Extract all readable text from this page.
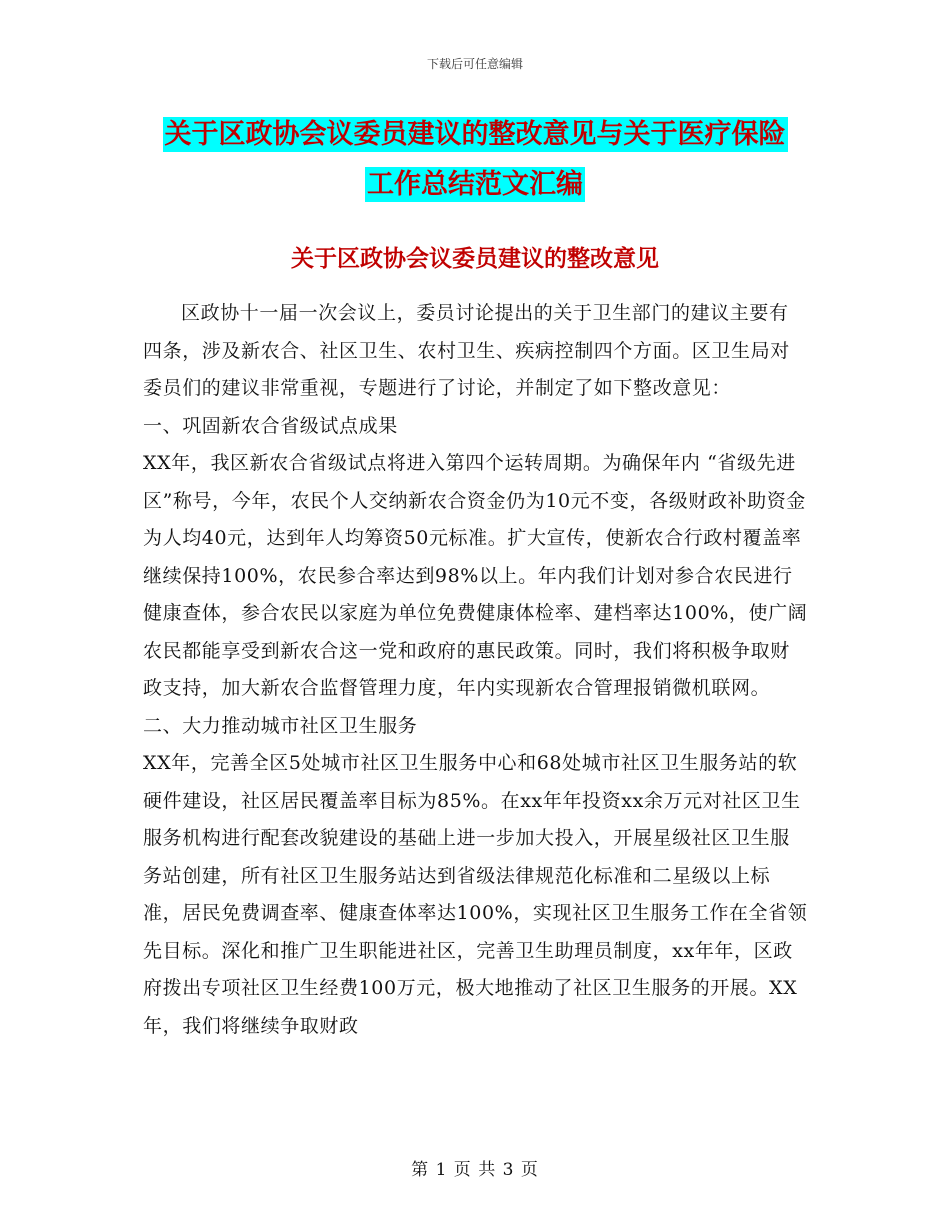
下载后可任意编辑
关于区政协会议委员建议的整改意见与关于医疗保险
工作总结范文汇编
关于区政协会议委员建议的整改意见

区政协十一届一次会议上，委员讨论提出的关于卫生部门的建议主要有四条，涉及新农合、社区卫生、农村卫生、疾病控制四个方面。区卫生局对委员们的建议非常重视，专题进行了讨论，并制定了如下整改意见：

一、巩固新农合省级试点成果

XX年，我区新农合省级试点将进入第四个运转周期。为确保年内 “省级先进区”称号，今年，农民个人交纳新农合资金仍为10元不变，各级财政补助资金为人均40元，达到年人均筹资50元标准。扩大宣传，使新农合行政村覆盖率继续保持100%，农民参合率达到98%以上。年内我们计划对参合农民进行健康查体，参合农民以家庭为单位免费健康体检率、建档率达100%，使广阔农民都能享受到新农合这一党和政府的惠民政策。同时，我们将积极争取财政支持，加大新农合监督管理力度，年内实现新农合管理报销微机联网。

二、大力推动城市社区卫生服务

XX年，完善全区5处城市社区卫生服务中心和68处城市社区卫生服务站的软硬件建设，社区居民覆盖率目标为85%。在xx年年投资xx余万元对社区卫生服务机构进行配套改貌建设的基础上进一步加大投入，开展星级社区卫生服务站创建，所有社区卫生服务站达到省级法律规范化标准和二星级以上标准，居民免费调查率、健康查体率达100%，实现社区卫生服务工作在全省领先目标。深化和推广卫生职能进社区，完善卫生助理员制度，xx年年，区政府拨出专项社区卫生经费100万元，极大地推动了社区卫生服务的开展。XX年，我们将继续争取财政

第 1 页 共 3 页
